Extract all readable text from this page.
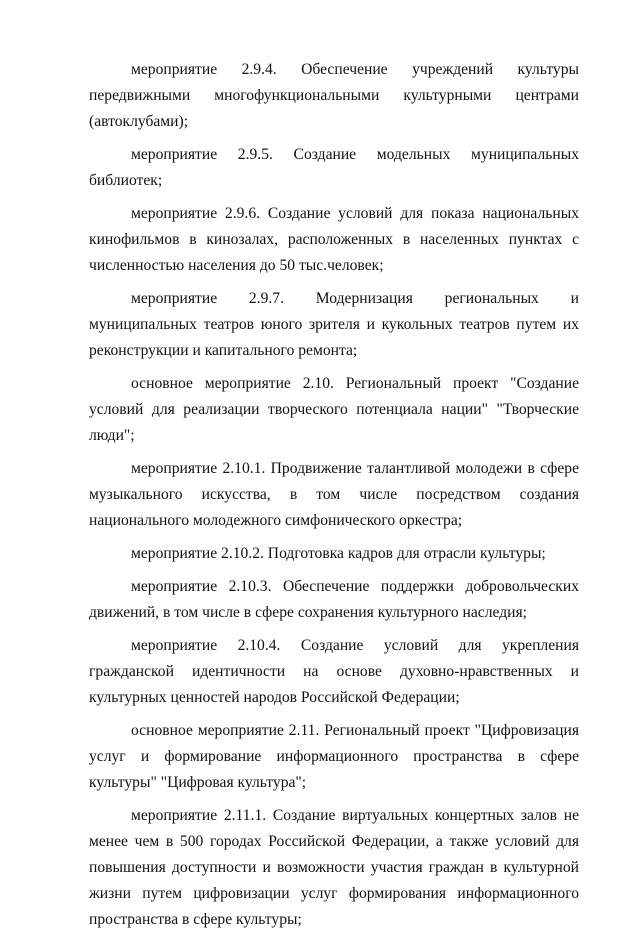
мероприятие 2.9.4. Обеспечение учреждений культуры передвижными многофункциональными культурными центрами (автоклубами);

мероприятие 2.9.5. Создание модельных муниципальных библиотек;

мероприятие 2.9.6. Создание условий для показа национальных кинофильмов в кинозалах, расположенных в населенных пунктах с численностью населения до 50 тыс.человек;

мероприятие 2.9.7. Модернизация региональных и муниципальных театров юного зрителя и кукольных театров путем их реконструкции и капитального ремонта;

основное мероприятие 2.10. Региональный проект "Создание условий для реализации творческого потенциала нации" "Творческие люди";

мероприятие 2.10.1. Продвижение талантливой молодежи в сфере музыкального искусства, в том числе посредством создания национального молодежного симфонического оркестра;

мероприятие 2.10.2. Подготовка кадров для отрасли культуры;

мероприятие 2.10.3. Обеспечение поддержки добровольческих движений, в том числе в сфере сохранения культурного наследия;

мероприятие 2.10.4. Создание условий для укрепления гражданской идентичности на основе духовно-нравственных и культурных ценностей народов Российской Федерации;

основное мероприятие 2.11. Региональный проект "Цифровизация услуг и формирование информационного пространства в сфере культуры" "Цифровая культура";

мероприятие 2.11.1. Создание виртуальных концертных залов не менее чем в 500 городах Российской Федерации, а также условий для повышения доступности и возможности участия граждан в культурной жизни путем цифровизации услуг формирования информационного пространства в сфере культуры;
